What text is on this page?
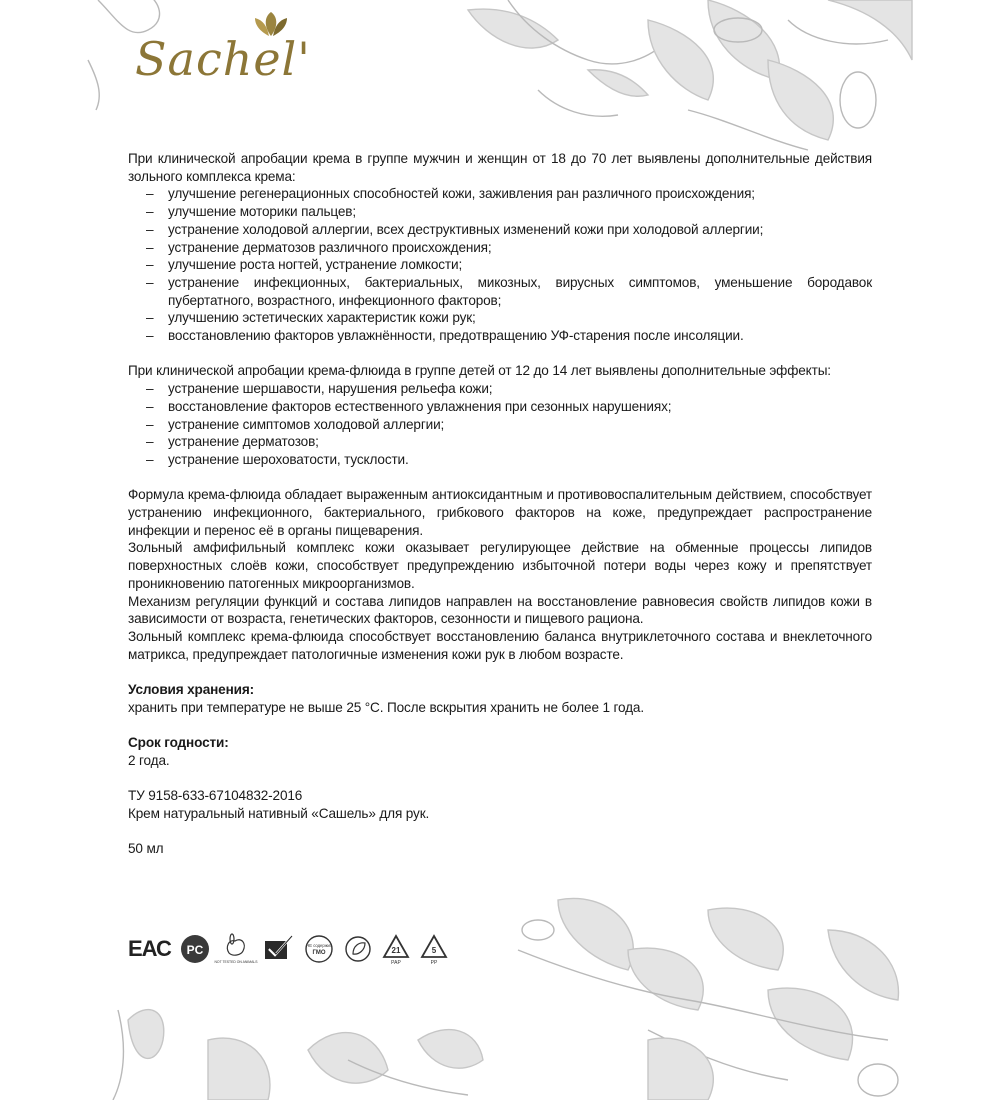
Sachel'

При клинической апробации крема в группе мужчин и женщин от 18 до 70 лет выявлены дополнительные действия зольного комплекса крема:

– улучшение регенерационных способностей кожи, заживления ран различного происхождения;
– улучшение моторики пальцев;
– устранение холодовой аллергии, всех деструктивных изменений кожи при холодовой аллергии;
– устранение дерматозов различного происхождения;
– улучшение роста ногтей, устранение ломкости;
– устранение инфекционных, бактериальных, микозных, вирусных симптомов, уменьшение бородавок пубертатного, возрастного, инфекционного факторов;
– улучшению эстетических характеристик кожи рук;
– восстановлению факторов увлажнённости, предотвращению УФ-старения после инсоляции.

При клинической апробации крема-флюида в группе детей от 12 до 14 лет выявлены дополнительные эффекты:

– устранение шершавости, нарушения рельефа кожи;
– восстановление факторов естественного увлажнения при сезонных нарушениях;
– устранение симптомов холодовой аллергии;
– устранение дерматозов;
– устранение шероховатости, тусклости.

Формула крема-флюида обладает выраженным антиоксидантным и противовоспалительным действием, способствует устранению инфекционного, бактериального, грибкового факторов на коже, предупреждает распространение инфекции и перенос её в органы пищеварения.

Зольный амфифильный комплекс кожи оказывает регулирующее действие на обменные процессы липидов поверхностных слоёв кожи, способствует предупреждению избыточной потери воды через кожу и препятствует проникновению патогенных микроорганизмов.

Механизм регуляции функций и состава липидов направлен на восстановление равновесия свойств липидов кожи в зависимости от возраста, генетических факторов, сезонности и пищевого рациона.

Зольный комплекс крема-флюида способствует восстановлению баланса внутриклеточного состава и внеклеточного матрикса, предупреждает патологичные изменения кожи рук в любом возрасте.

Условия хранения:

хранить при температуре не выше 25 °С. После вскрытия хранить не более 1 года.

Срок годности:

2 года.

ТУ 9158-633-67104832-2016

Крем натуральный нативный «Сашель» для рук.

50 мл

ЕАС PC
NOT TESTED ON ANIMALS
НЕ содержит
ГМО	21
PAP
5
PP
